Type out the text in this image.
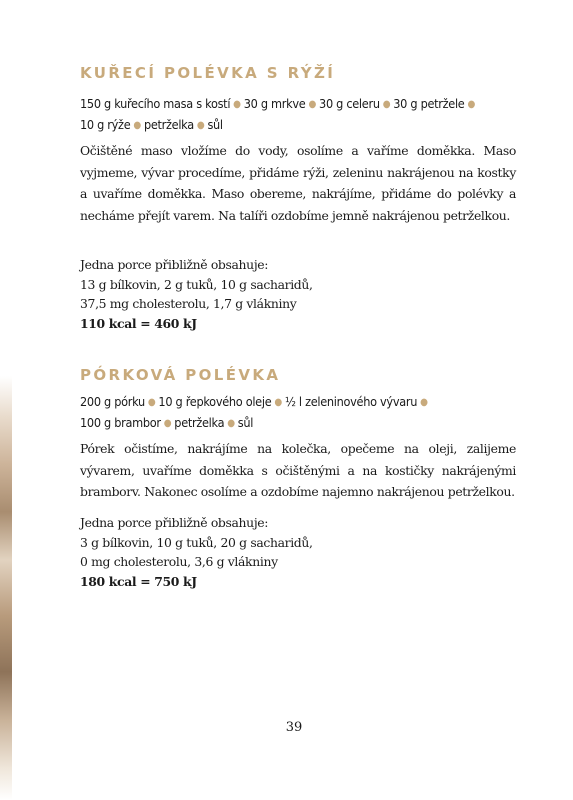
KUŘECÍ POLÉVKA S RÝŽÍ
150 g kuřecího masa s kostí ● 30 g mrkve ● 30 g celeru ● 30 g petržele ●
10 g rýže ● petrželka ● sůl
Očištěné maso vložíme do vody, osolíme a vaříme doměkka. Maso vyjmeme, vývar procedíme, přidáme rýži, zeleninu nakrájenou na kostky a uvaříme doměkka. Maso obereme, nakrájíme, přidáme do polévky a necháme přejít varem. Na talíři ozdobíme jemně nakrájenou petrželkou.
Jedna porce přibližně obsahuje:
13 g bílkovin, 2 g tuků, 10 g sacharidů,
37,5 mg cholesterolu, 1,7 g vlákniny
110 kcal = 460 kJ
PÓRKOVÁ POLÉVKA
200 g pórku ● 10 g řepkového oleje ● ½ l zeleninového vývaru ●
100 g brambor ● petrželka ● sůl
Pórek očistíme, nakrájíme na kolečka, opečeme na oleji, zalijeme vývarem, uvaříme doměkka s očištěnými a na kostičky nakrájenými bramborv. Nakonec osolíme a ozdobíme najemno nakrájenou petrželkou.
Jedna porce přibližně obsahuje:
3 g bílkovin, 10 g tuků, 20 g sacharidů,
0 mg cholesterolu, 3,6 g vlákniny
180 kcal = 750 kJ
39
